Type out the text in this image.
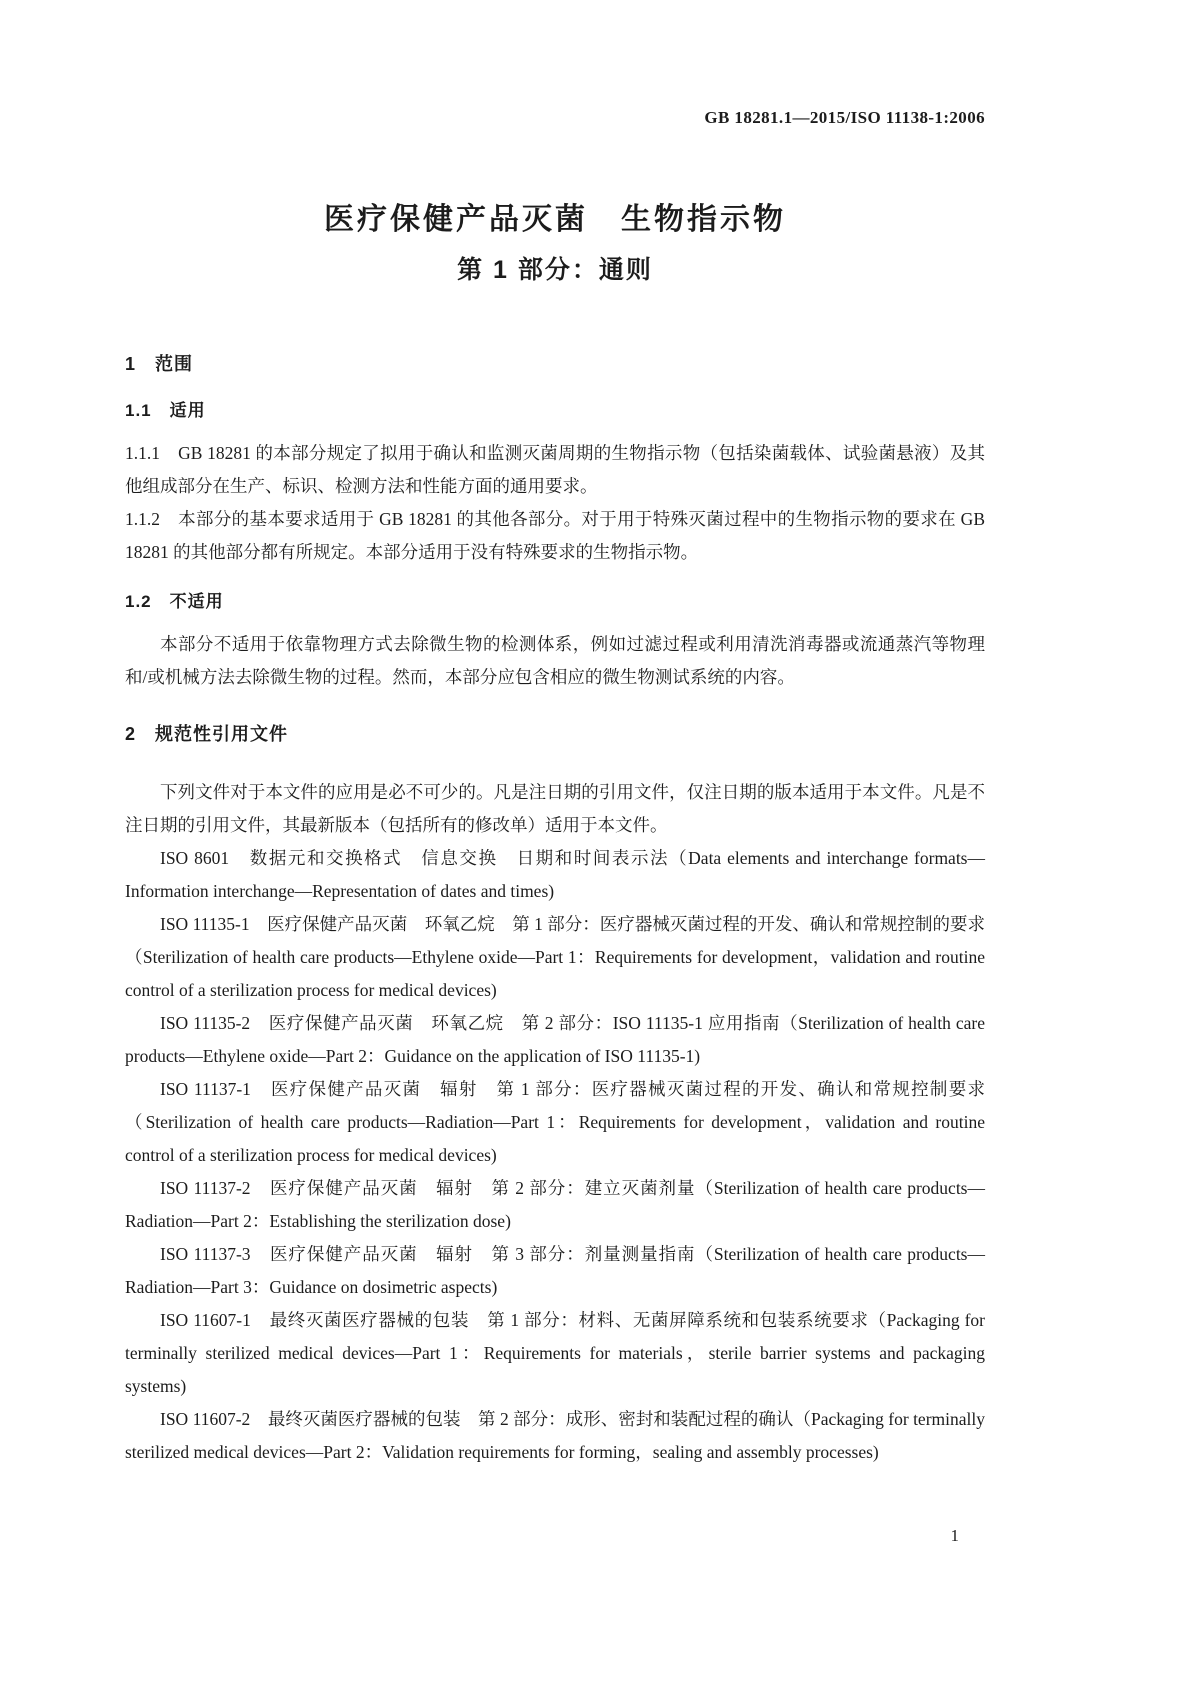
GB 18281.1—2015/ISO 11138-1:2006
医疗保健产品灭菌　生物指示物
第 1 部分：通则
1　范围
1.1　适用

1.1.1　GB 18281 的本部分规定了拟用于确认和监测灭菌周期的生物指示物（包括染菌载体、试验菌悬液）及其他组成部分在生产、标识、检测方法和性能方面的通用要求。

1.1.2　本部分的基本要求适用于 GB 18281 的其他各部分。对于用于特殊灭菌过程中的生物指示物的要求在 GB 18281 的其他部分都有所规定。本部分适用于没有特殊要求的生物指示物。

1.2　不适用

本部分不适用于依靠物理方式去除微生物的检测体系，例如过滤过程或利用清洗消毒器或流通蒸汽等物理和/或机械方法去除微生物的过程。然而，本部分应包含相应的微生物测试系统的内容。

2　规范性引用文件

下列文件对于本文件的应用是必不可少的。凡是注日期的引用文件，仅注日期的版本适用于本文件。凡是不注日期的引用文件，其最新版本（包括所有的修改单）适用于本文件。

ISO 8601　数据元和交换格式　信息交换　日期和时间表示法（Data elements and interchange formats—Information interchange—Representation of dates and times)

ISO 11135-1　医疗保健产品灭菌　环氧乙烷　第 1 部分：医疗器械灭菌过程的开发、确认和常规控制的要求（Sterilization of health care products—Ethylene oxide—Part 1：Requirements for development，validation and routine control of a sterilization process for medical devices)

ISO 11135-2　医疗保健产品灭菌　环氧乙烷　第 2 部分：ISO 11135-1 应用指南（Sterilization of health care products—Ethylene oxide—Part 2：Guidance on the application of ISO 11135-1)

ISO 11137-1　医疗保健产品灭菌　辐射　第 1 部分：医疗器械灭菌过程的开发、确认和常规控制要求（Sterilization of health care products—Radiation—Part 1：Requirements for development，validation and routine control of a sterilization process for medical devices)

ISO 11137-2　医疗保健产品灭菌　辐射　第 2 部分：建立灭菌剂量（Sterilization of health care products—Radiation—Part 2：Establishing the sterilization dose)

ISO 11137-3　医疗保健产品灭菌　辐射　第 3 部分：剂量测量指南（Sterilization of health care products—Radiation—Part 3：Guidance on dosimetric aspects)

ISO 11607-1　最终灭菌医疗器械的包装　第 1 部分：材料、无菌屏障系统和包装系统要求（Packaging for terminally sterilized medical devices—Part 1：Requirements for materials，sterile barrier systems and packaging systems)

ISO 11607-2　最终灭菌医疗器械的包装　第 2 部分：成形、密封和装配过程的确认（Packaging for terminally sterilized medical devices—Part 2：Validation requirements for forming，sealing and assembly processes)

1
